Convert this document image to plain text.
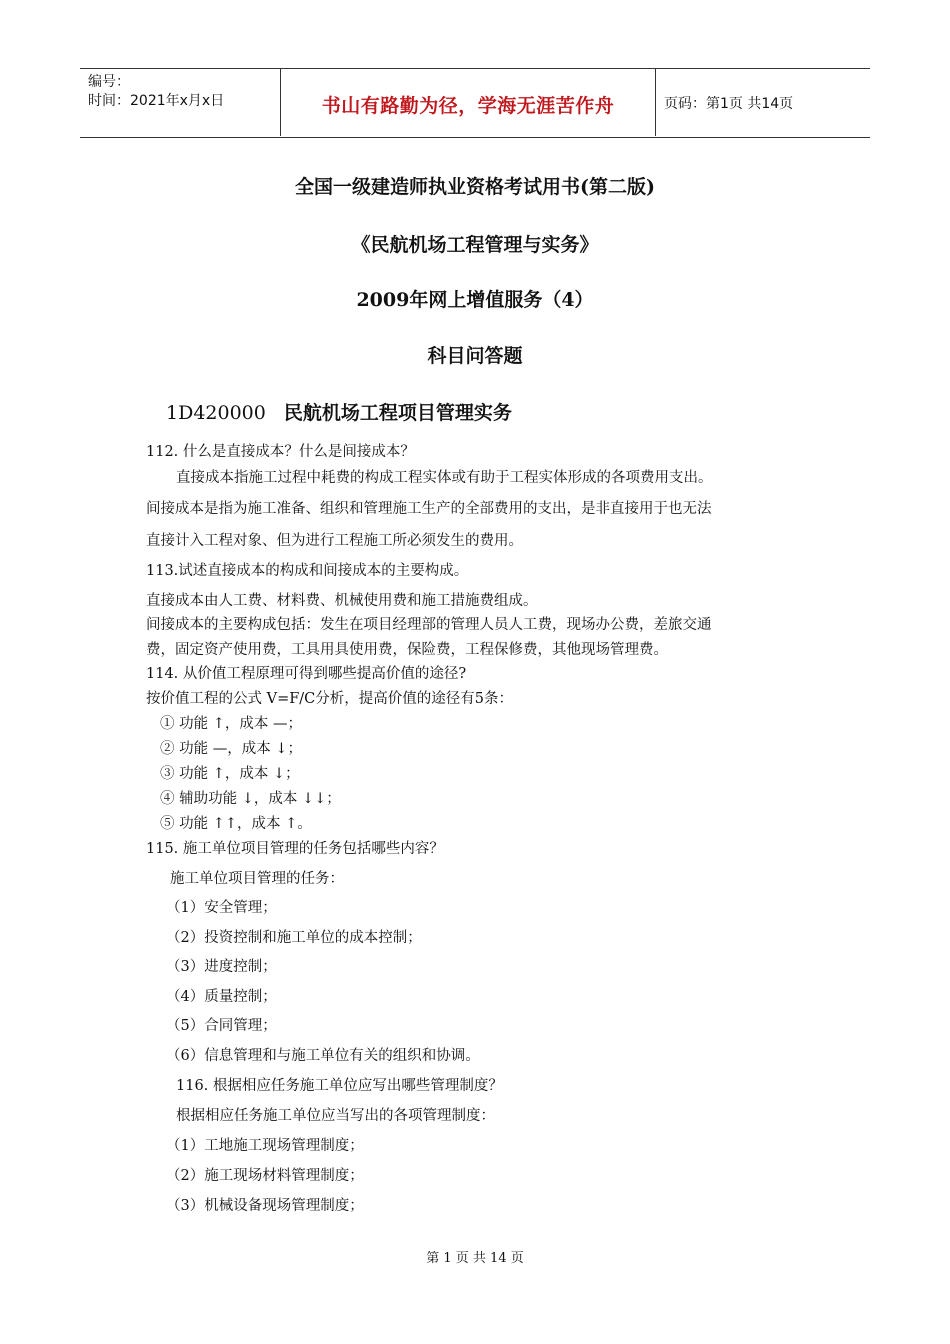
编号：
时间：2021年x月x日	书山有路勤为径，学海无涯苦作舟	页码：第1页 共14页
全国一级建造师执业资格考试用书(第二版)
《民航机场工程管理与实务》
2009年网上增值服务（4）
科目问答题
1D420000 民航机场工程项目管理实务
112. 什么是直接成本？什么是间接成本？
直接成本指施工过程中耗费的构成工程实体或有助于工程实体形成的各项费用支出。
间接成本是指为施工准备、组织和管理施工生产的全部费用的支出，是非直接用于也无法
直接计入工程对象、但为进行工程施工所必须发生的费用。
113.试述直接成本的构成和间接成本的主要构成。
直接成本由人工费、材料费、机械使用费和施工措施费组成。
间接成本的主要构成包括：发生在项目经理部的管理人员人工费，现场办公费，差旅交通
费，固定资产使用费，工具用具使用费，保险费，工程保修费，其他现场管理费。
114. 从价值工程原理可得到哪些提高价值的途径?
按价值工程的公式 V=F/C分析，提高价值的途径有5条：
① 功能 ↑，成本 —；
② 功能 —，成本 ↓；
③ 功能 ↑，成本 ↓；
④ 辅助功能 ↓，成本 ↓↓；
⑤ 功能 ↑↑，成本 ↑。
115. 施工单位项目管理的任务包括哪些内容？
施工单位项目管理的任务：
（1）安全管理；
（2）投资控制和施工单位的成本控制；
（3）进度控制；
（4）质量控制；
（5）合同管理；
（6）信息管理和与施工单位有关的组织和协调。
116. 根据相应任务施工单位应写出哪些管理制度？
根据相应任务施工单位应当写出的各项管理制度：
（1）工地施工现场管理制度；
（2）施工现场材料管理制度；
（3）机械设备现场管理制度；
第 1 页 共 14 页
